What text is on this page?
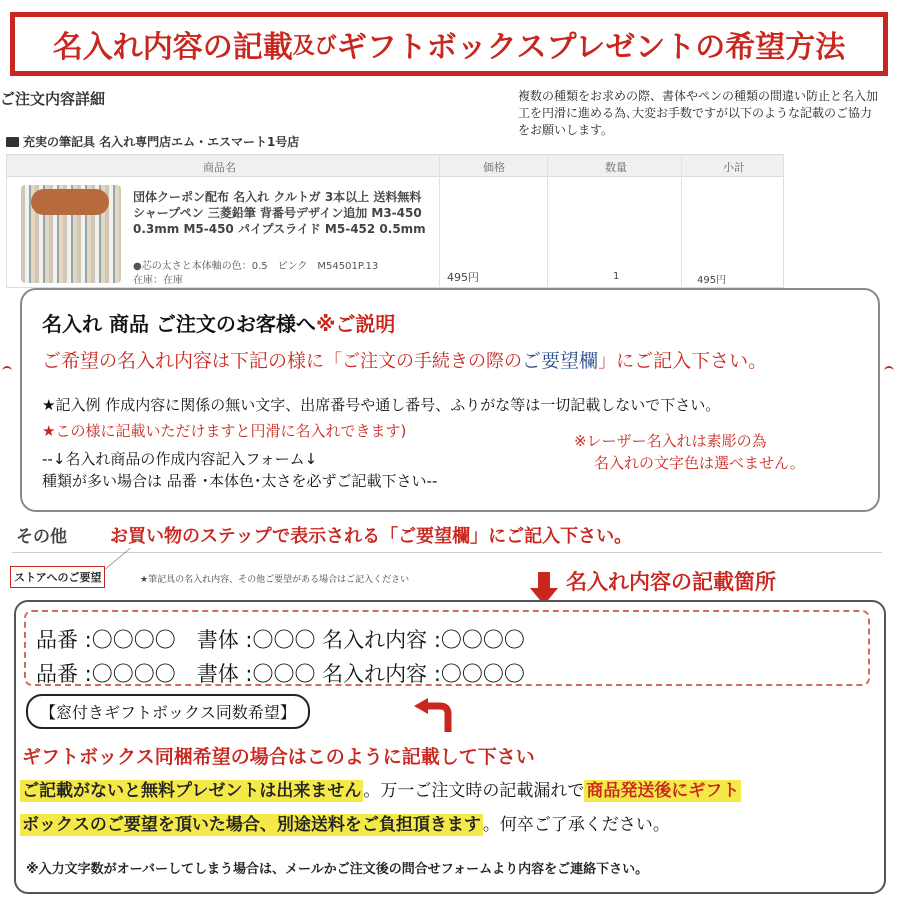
名入れ内容の記載 及び ギフトボックスプレゼントの希望方法
ご注文内容詳細	複数の種類をお求めの際、書体やペンの種類の間違い防止と名入加工を円滑に進める為､大変お手数ですが以下のような記載のご協力をお願いします。
充実の筆記具 名入れ専門店エム・エスマート1号店
商品名	価格	数量	小計
団体クーポン配布 名入れ クルトガ 3本以上 送料無料 シャープペン 三菱鉛筆 背番号デザイン追加 M3-450 0.3mm M5-450 パイプスライド M5-452 0.5mm
●芯の太さと本体軸の色：0.5　ピンク　M54501P.13
在庫：在庫	495円	1	495円
名入れ 商品 ご注文のお客様へ※ご説明
ご希望の名入れ内容は下記の様に「ご注文の手続きの際のご要望欄」にご記入下さい。
★記入例 作成内容に関係の無い文字、出席番号や通し番号、ふりがな等は一切記載しないで下さい。
★この様に記載いただけますと円滑に名入れできます)
--↓名入れ商品の作成内容記入フォーム↓
種類が多い場合は 品番 ･本体色･太さを必ずご記載下さい--
※レーザー名入れは素彫の為
名入れの文字色は選べません。
その他 お買い物のステップで表示される「ご要望欄」にご記入下さい。
ストアへのご要望	★筆記具の名入れ内容、その他ご要望がある場合はご記入ください	名入れ内容の記載箇所
品番 :〇〇〇〇　書体 :〇〇〇 名入れ内容 :〇〇〇〇
品番 :〇〇〇〇　書体 :〇〇〇 名入れ内容 :〇〇〇〇
【窓付きギフトボックス同数希望】
ギフトボックス同梱希望の場合はこのように記載して下さい
ご記載がないと無料プレゼントは出来ません 。万一ご注文時の記載漏れで 商品発送後にギフト
ボックスのご要望を頂いた場合、別途送料をご負担頂きます 。何卒ご了承ください。
※入力文字数がオーバーしてしまう場合は、メールかご注文後の問合せフォームより内容をご連絡下さい。
